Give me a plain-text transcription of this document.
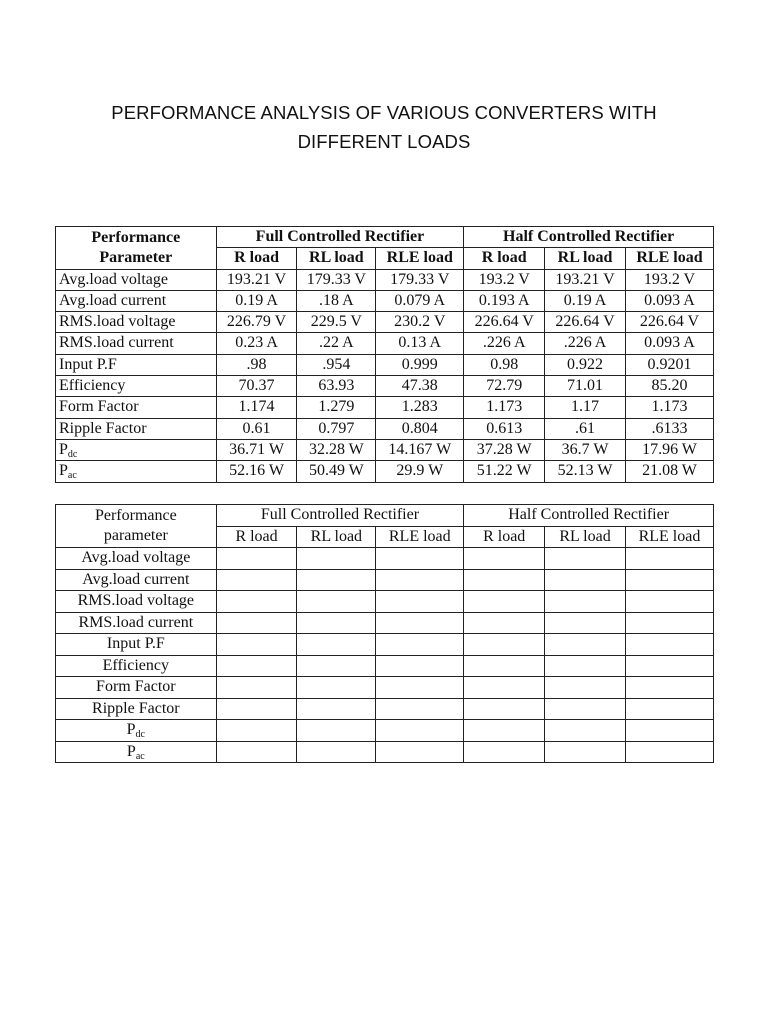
PERFORMANCE ANALYSIS OF VARIOUS CONVERTERS WITH
DIFFERENT LOADS
Performance
Parameter	Full Controlled Rectifier			Half Controlled Rectifier		
	R load	RL load	RLE load	R load	RL load	RLE load
Avg.load voltage	193.21 V	179.33 V	179.33 V	193.2 V	193.21 V	193.2 V
Avg.load current	0.19 A	.18 A	0.079 A	0.193 A	0.19 A	0.093 A
RMS.load voltage	226.79 V	229.5 V	230.2 V	226.64 V	226.64 V	226.64 V
RMS.load current	0.23 A	.22 A	0.13 A	.226 A	.226 A	0.093 A
Input P.F	.98	.954	0.999	0.98	0.922	0.9201
Efficiency	70.37	63.93	47.38	72.79	71.01	85.20
Form Factor	1.174	1.279	1.283	1.173	1.17	1.173
Ripple Factor	0.61	0.797	0.804	0.613	.61	.6133
$P_{dc}$	36.71 W	32.28 W	14.167 W	37.28 W	36.7 W	17.96 W
$P_{ac}$	52.16 W	50.49 W	29.9 W	51.22 W	52.13 W	21.08 W
Performance
parameter	Full Controlled Rectifier			Half Controlled Rectifier		
	R load	RL load	RLE load	R load	RL load	RLE load
Avg.load voltage						
Avg.load current						
RMS.load voltage						
RMS.load current						
Input P.F						
Efficiency						
Form Factor						
Ripple Factor						
$P_{dc}$						
$P_{ac}$						
